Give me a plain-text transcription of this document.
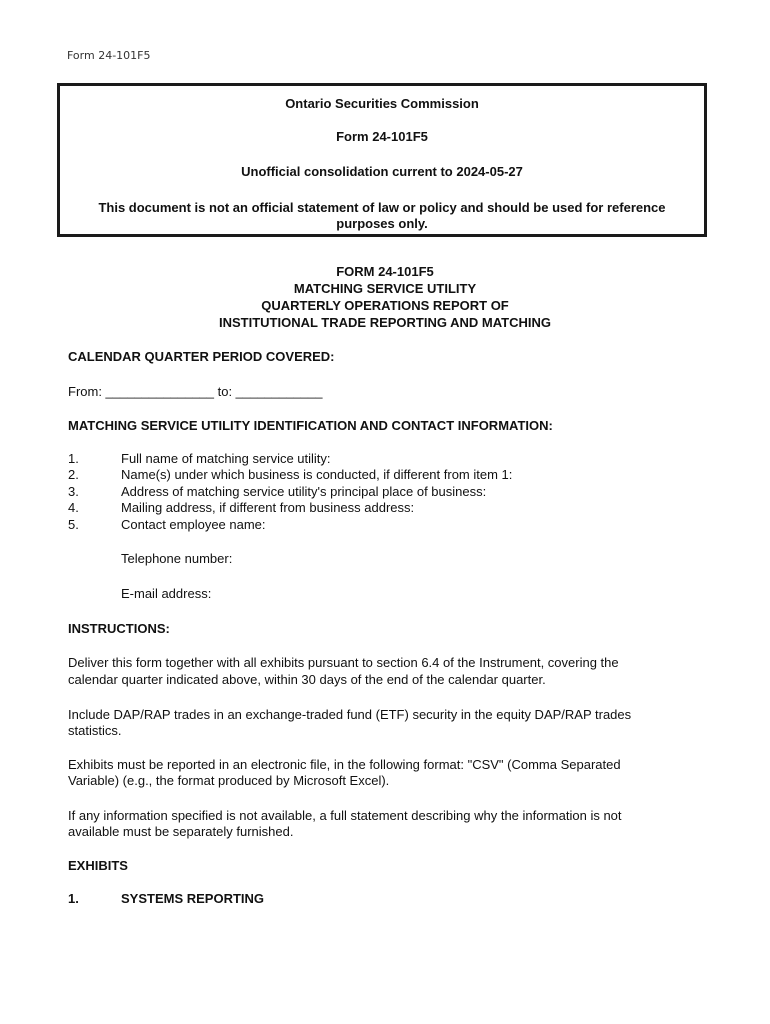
Form 24-101F5
Ontario Securities Commission
Form 24-101F5
Unofficial consolidation current to 2024-05-27
This document is not an official statement of law or policy and should be used for reference
purposes only.
FORM 24-101F5
MATCHING SERVICE UTILITY
QUARTERLY OPERATIONS REPORT OF
INSTITUTIONAL TRADE REPORTING AND MATCHING
CALENDAR QUARTER PERIOD COVERED:
From: _______________ to: ____________
MATCHING SERVICE UTILITY IDENTIFICATION AND CONTACT INFORMATION:
1.	Full name of matching service utility:
2.	Name(s) under which business is conducted, if different from item 1:
3.	Address of matching service utility's principal place of business:
4.	Mailing address, if different from business address:
5.	Contact employee name:
Telephone number:
E-mail address:
INSTRUCTIONS:
Deliver this form together with all exhibits pursuant to section 6.4 of the Instrument, covering the
calendar quarter indicated above, within 30 days of the end of the calendar quarter.
Include DAP/RAP trades in an exchange-traded fund (ETF) security in the equity DAP/RAP trades
statistics.
Exhibits must be reported in an electronic file, in the following format: "CSV" (Comma Separated
Variable) (e.g., the format produced by Microsoft Excel).
If any information specified is not available, a full statement describing why the information is not
available must be separately furnished.
EXHIBITS
1.	SYSTEMS REPORTING
